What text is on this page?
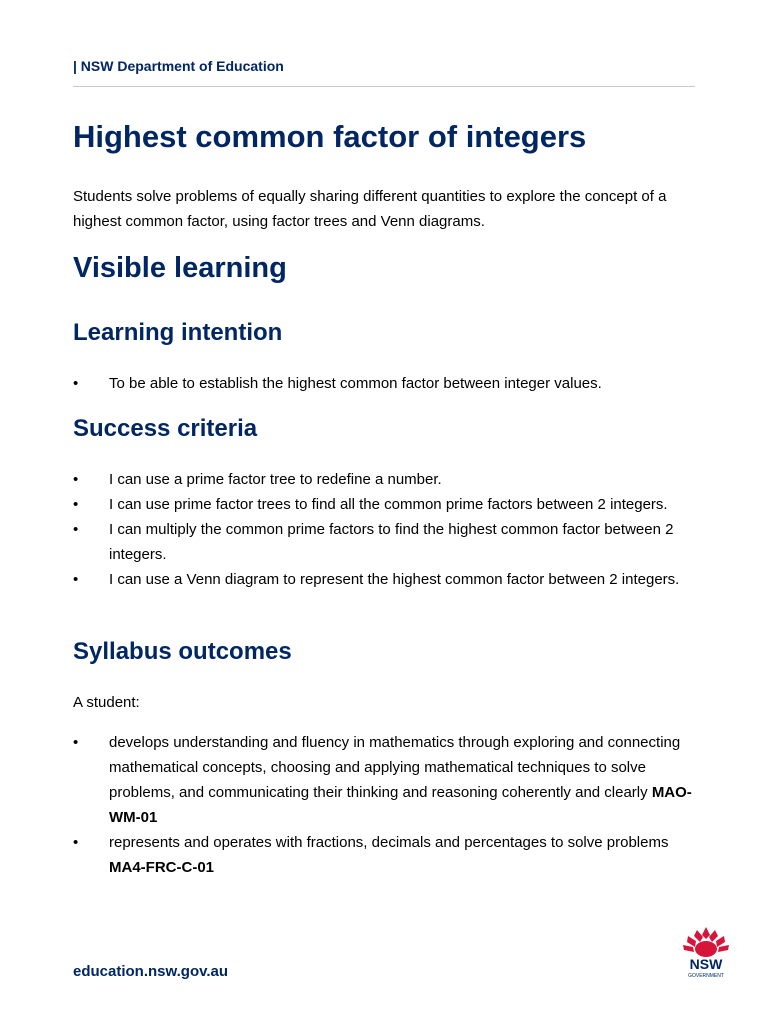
| NSW Department of Education
Highest common factor of integers

Students solve problems of equally sharing different quantities to explore the concept of a highest common factor, using factor trees and Venn diagrams.

Visible learning
Learning intention
• To be able to establish the highest common factor between integer values.
Success criteria
• I can use a prime factor tree to redefine a number.
• I can use prime factor trees to find all the common prime factors between 2 integers.
• I can multiply the common prime factors to find the highest common factor between 2 integers.
• I can use a Venn diagram to represent the highest common factor between 2 integers.
Syllabus outcomes

A student:

• develops understanding and fluency in mathematics through exploring and connecting mathematical concepts, choosing and applying mathematical techniques to solve problems, and communicating their thinking and reasoning coherently and clearly MAO-WM-01
• represents and operates with fractions, decimals and percentages to solve problems MA4-FRC-C-01
education.nsw.gov.au	NSW
GOVERNMENT
